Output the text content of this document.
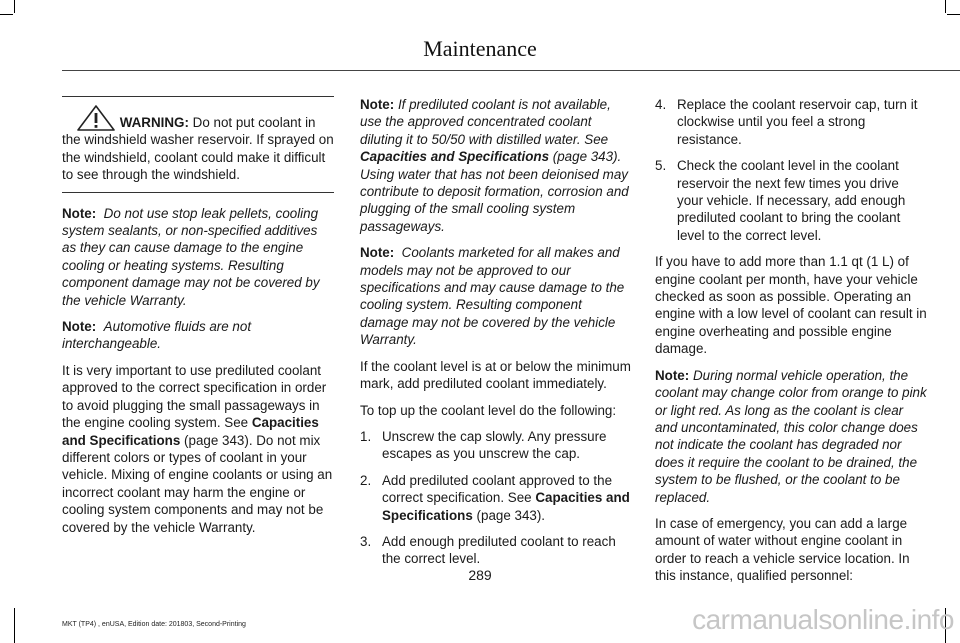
Maintenance

WARNING: Do not put coolant in the windshield washer reservoir. If sprayed on the windshield, coolant could make it difficult to see through the windshield.

Note: Do not use stop leak pellets, cooling system sealants, or non-specified additives as they can cause damage to the engine cooling or heating systems. Resulting component damage may not be covered by the vehicle Warranty.

Note: Automotive fluids are not interchangeable.

It is very important to use prediluted coolant approved to the correct specification in order to avoid plugging the small passageways in the engine cooling system. See Capacities and Specifications (page 343). Do not mix different colors or types of coolant in your vehicle. Mixing of engine coolants or using an incorrect coolant may harm the engine or cooling system components and may not be covered by the vehicle Warranty.

Note: If prediluted coolant is not available, use the approved concentrated coolant diluting it to 50/50 with distilled water. See Capacities and Specifications (page 343). Using water that has not been deionised may contribute to deposit formation, corrosion and plugging of the small cooling system passageways.

Note: Coolants marketed for all makes and models may not be approved to our specifications and may cause damage to the cooling system. Resulting component damage may not be covered by the vehicle Warranty.

If the coolant level is at or below the minimum mark, add prediluted coolant immediately.

To top up the coolant level do the following:

1. Unscrew the cap slowly. Any pressure escapes as you unscrew the cap.
2. Add prediluted coolant approved to the correct specification. See Capacities and Specifications (page 343).
3. Add enough prediluted coolant to reach the correct level.
4. Replace the coolant reservoir cap, turn it clockwise until you feel a strong resistance.
5. Check the coolant level in the coolant reservoir the next few times you drive your vehicle. If necessary, add enough prediluted coolant to bring the coolant level to the correct level.

If you have to add more than 1.1 qt (1 L) of engine coolant per month, have your vehicle checked as soon as possible. Operating an engine with a low level of coolant can result in engine overheating and possible engine damage.

Note: During normal vehicle operation, the coolant may change color from orange to pink or light red. As long as the coolant is clear and uncontaminated, this color change does not indicate the coolant has degraded nor does it require the coolant to be drained, the system to be flushed, or the coolant to be replaced.

In case of emergency, you can add a large amount of water without engine coolant in order to reach a vehicle service location. In this instance, qualified personnel:

289
MKT (TP4) , enUSA, Edition date: 201803, Second-Printing	carmanualsonline.info
